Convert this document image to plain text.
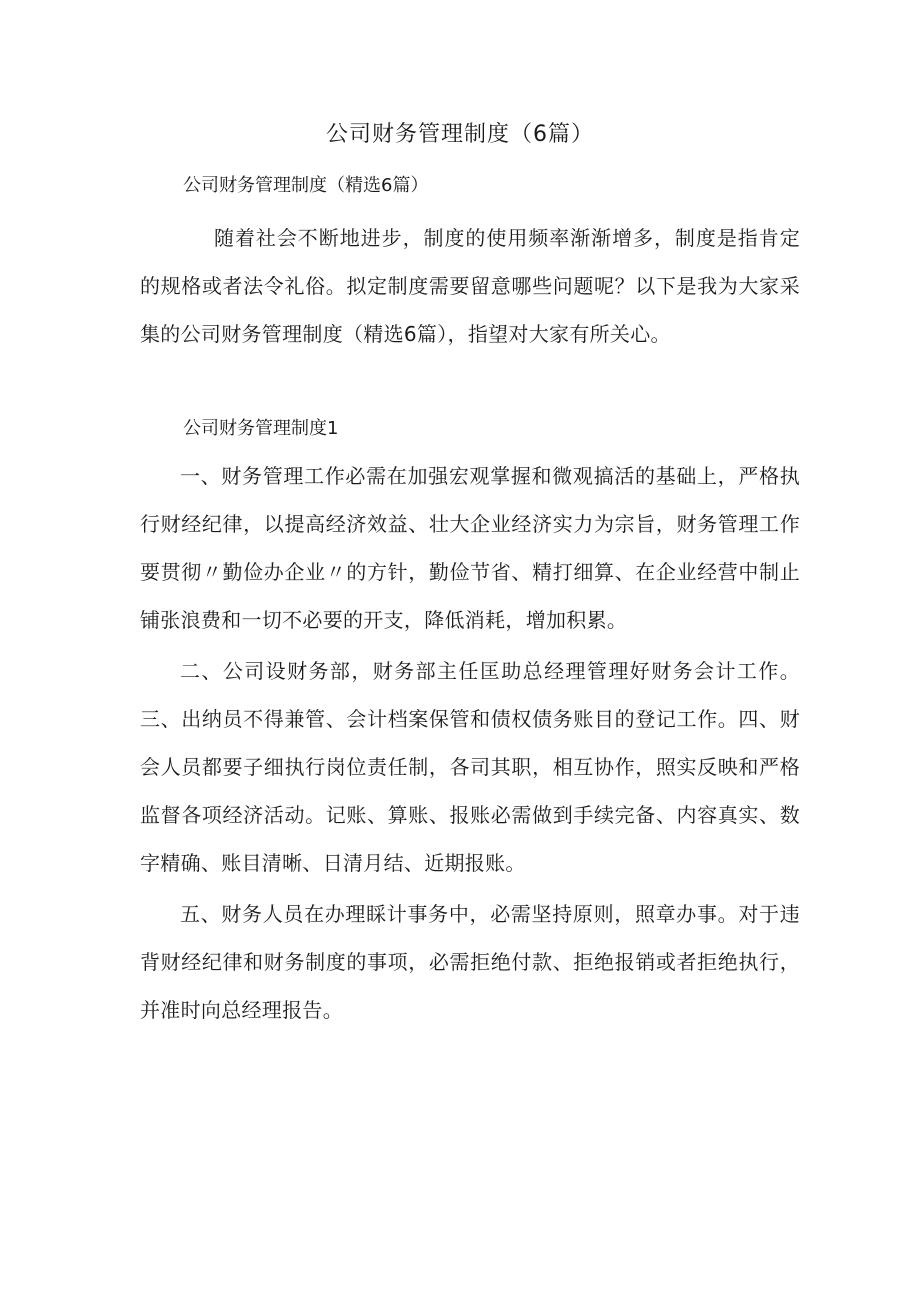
公司财务管理制度（6篇）

公司财务管理制度（精选6篇）

随着社会不断地进步，制度的使用频率渐渐增多，制度是指肯定的规格或者法令礼俗。拟定制度需要留意哪些问题呢？以下是我为大家采集的公司财务管理制度（精选6篇），指望对大家有所关心。

公司财务管理制度1

一、财务管理工作必需在加强宏观掌握和微观搞活的基础上，严格执行财经纪律，以提高经济效益、壮大企业经济实力为宗旨，财务管理工作要贯彻〃勤俭办企业〃的方针，勤俭节省、精打细算、在企业经营中制止铺张浪费和一切不必要的开支，降低消耗，增加积累。

二、公司设财务部，财务部主任匡助总经理管理好财务会计工作。三、出纳员不得兼管、会计档案保管和债权债务账目的登记工作。四、财会人员都要子细执行岗位责任制，各司其职，相互协作，照实反映和严格监督各项经济活动。记账、算账、报账必需做到手续完备、内容真实、数字精确、账目清晰、日清月结、近期报账。

五、财务人员在办理睬计事务中，必需坚持原则，照章办事。对于违背财经纪律和财务制度的事项，必需拒绝付款、拒绝报销或者拒绝执行，并准时向总经理报告。
